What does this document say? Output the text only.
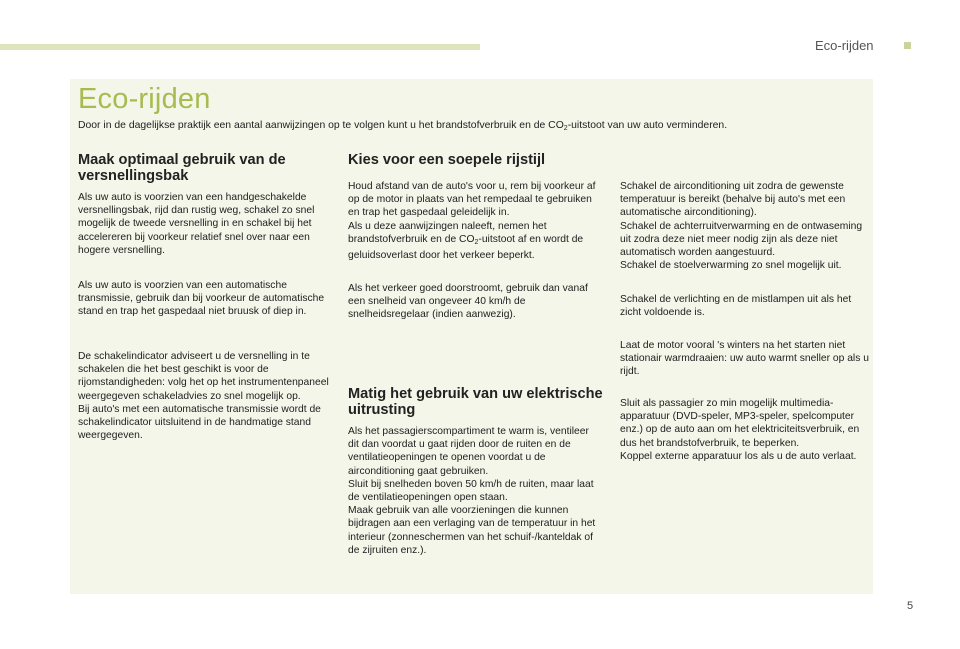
Eco-rijden
Eco-rijden
Door in de dagelijkse praktijk een aantal aanwijzingen op te volgen kunt u het brandstofverbruik en de $CO_2$-uitstoot van uw auto verminderen.
Maak optimaal gebruik van de versnellingsbak

Als uw auto is voorzien van een handgeschakelde versnellingsbak, rijd dan rustig weg, schakel zo snel mogelijk de tweede versnelling in en schakel bij het accelereren bij voorkeur relatief snel over naar een hogere versnelling.

Als uw auto is voorzien van een automatische transmissie, gebruik dan bij voorkeur de automatische stand en trap het gaspedaal niet bruusk of diep in.

De schakelindicator adviseert u de versnelling in te schakelen die het best geschikt is voor de rijomstandigheden: volg het op het instrumentenpaneel weergegeven schakeladvies zo snel mogelijk op.
Bij auto's met een automatische transmissie wordt de schakelindicator uitsluitend in de handmatige stand weergegeven.

Kies voor een soepele rijstijl

Houd afstand van de auto's voor u, rem bij voorkeur af op de motor in plaats van het rempedaal te gebruiken en trap het gaspedaal geleidelijk in.
Als u deze aanwijzingen naleeft, nemen het brandstofverbruik en de $CO_2$-uitstoot af en wordt de geluidsoverlast door het verkeer beperkt.

Als het verkeer goed doorstroomt, gebruik dan vanaf een snelheid van ongeveer 40 km/h de snelheidsregelaar (indien aanwezig).

Matig het gebruik van uw elektrische uitrusting

Als het passagierscompartiment te warm is, ventileer dit dan voordat u gaat rijden door de ruiten en de ventilatieopeningen te openen voordat u de airconditioning gaat gebruiken.
Sluit bij snelheden boven 50 km/h de ruiten, maar laat de ventilatieopeningen open staan.
Maak gebruik van alle voorzieningen die kunnen bijdragen aan een verlaging van de temperatuur in het interieur (zonneschermen van het schuif-/kanteldak of de zijruiten enz.).

Schakel de airconditioning uit zodra de gewenste temperatuur is bereikt (behalve bij auto's met een automatische airconditioning).
Schakel de achterruitverwarming en de ontwaseming uit zodra deze niet meer nodig zijn als deze niet automatisch worden aangestuurd.
Schakel de stoelverwarming zo snel mogelijk uit.

Schakel de verlichting en de mistlampen uit als het zicht voldoende is.

Laat de motor vooral 's winters na het starten niet stationair warmdraaien: uw auto warmt sneller op als u rijdt.

Sluit als passagier zo min mogelijk multimedia-apparatuur (DVD-speler, MP3-speler, spelcomputer enz.) op de auto aan om het elektriciteitsverbruik, en dus het brandstofverbruik, te beperken.
Koppel externe apparatuur los als u de auto verlaat.

5
